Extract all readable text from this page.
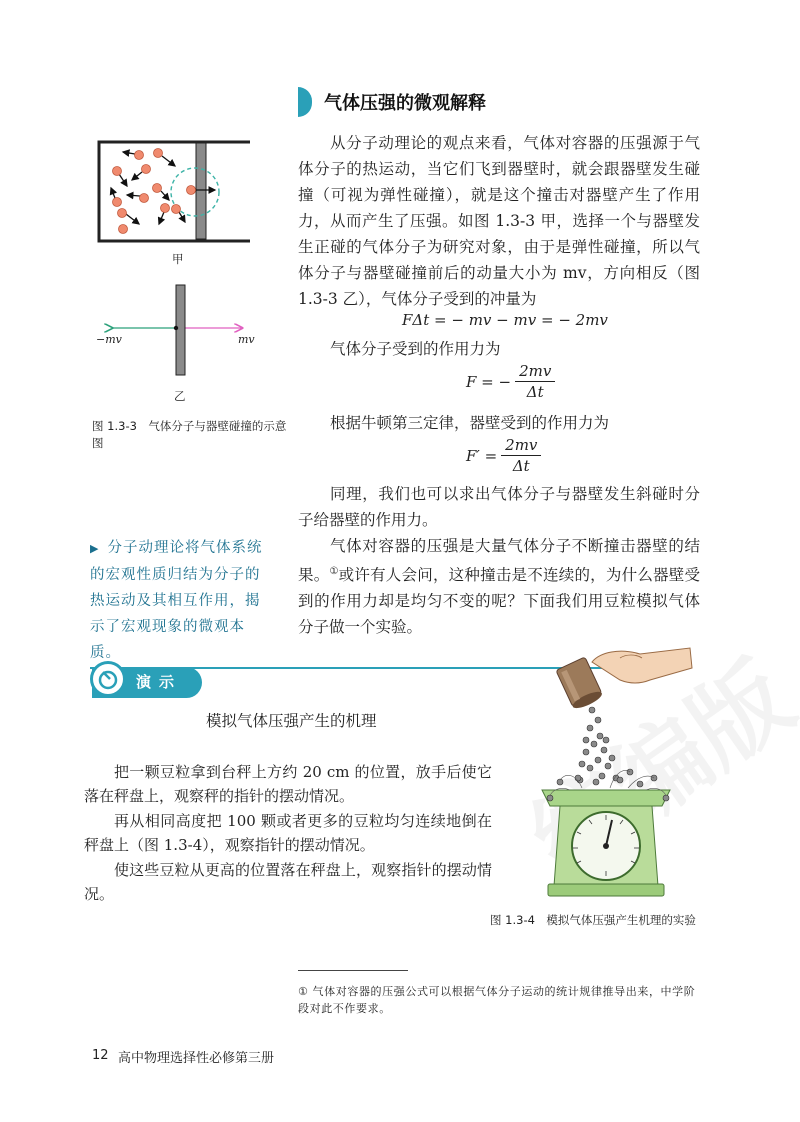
气体压强的微观解释
甲
−mv	mv
乙
图 1.3-3　气体分子与器壁碰撞的示意图
从分子动理论的观点来看，气体对容器的压强源于气体分子的热运动，当它们飞到器壁时，就会跟器壁发生碰撞（可视为弹性碰撞），就是这个撞击对器壁产生了作用力，从而产生了压强。如图 1.3-3 甲，选择一个与器壁发生正碰的气体分子为研究对象，由于是弹性碰撞，所以气体分子与器壁碰撞前后的动量大小为 mv，方向相反（图 1.3-3 乙），气体分子受到的冲量为
FΔt = − mv − mv = − 2mv
气体分子受到的作用力为
F = − $\frac{2mv}{\Delta t}$
根据牛顿第三定律，器壁受到的作用力为
$F' = \frac{2mv}{\Delta t}$
同理，我们也可以求出气体分子与器壁发生斜碰时分子给器壁的作用力。
气体对容器的压强是大量气体分子不断撞击器壁的结果。①或许有人会问，这种撞击是不连续的，为什么器壁受到的作用力却是均匀不变的呢？下面我们用豆粒模拟气体分子做一个实验。
▶ 分子动理论将气体系统的宏观性质归结为分子的热运动及其相互作用，揭示了宏观现象的微观本质。
演示
模拟气体压强产生的机理
把一颗豆粒拿到台秤上方约 20 cm 的位置，放手后使它落在秤盘上，观察秤的指针的摆动情况。
再从相同高度把 100 颗或者更多的豆粒均匀连续地倒在秤盘上（图 1.3-4），观察指针的摆动情况。
使这些豆粒从更高的位置落在秤盘上，观察指针的摆动情况。
图 1.3-4　模拟气体压强产生机理的实验
① 气体对容器的压强公式可以根据气体分子运动的统计规律推导出来，中学阶段对此不作要求。
12 高中物理选择性必修第三册
